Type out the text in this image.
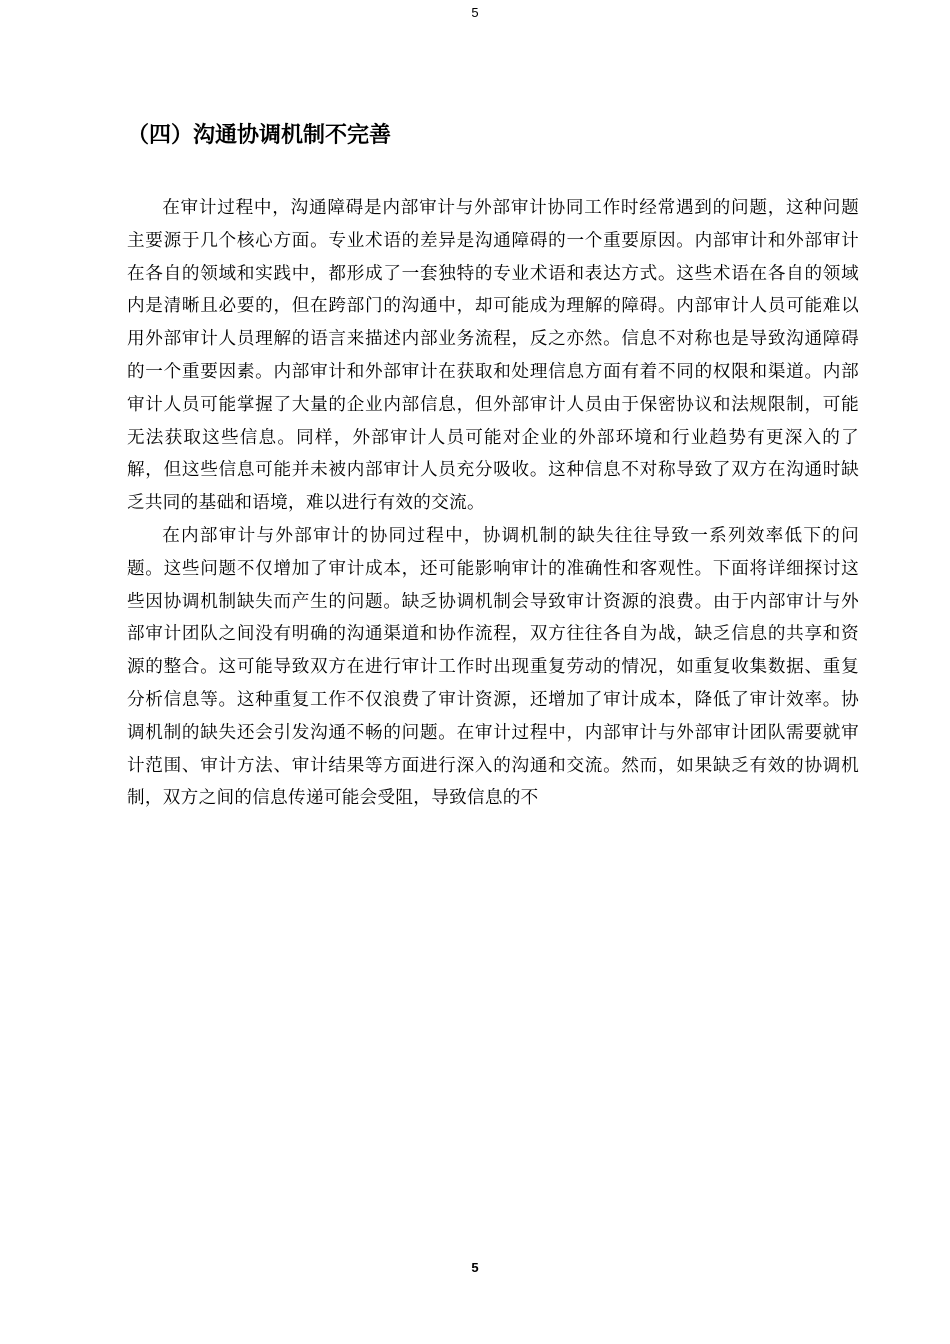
5
（四）沟通协调机制不完善

在审计过程中，沟通障碍是内部审计与外部审计协同工作时经常遇到的问题，这种问题主要源于几个核心方面。专业术语的差异是沟通障碍的一个重要原因。内部审计和外部审计在各自的领域和实践中，都形成了一套独特的专业术语和表达方式。这些术语在各自的领域内是清晰且必要的，但在跨部门的沟通中，却可能成为理解的障碍。内部审计人员可能难以用外部审计人员理解的语言来描述内部业务流程，反之亦然。信息不对称也是导致沟通障碍的一个重要因素。内部审计和外部审计在获取和处理信息方面有着不同的权限和渠道。内部审计人员可能掌握了大量的企业内部信息，但外部审计人员由于保密协议和法规限制，可能无法获取这些信息。同样，外部审计人员可能对企业的外部环境和行业趋势有更深入的了解，但这些信息可能并未被内部审计人员充分吸收。这种信息不对称导致了双方在沟通时缺乏共同的基础和语境，难以进行有效的交流。

在内部审计与外部审计的协同过程中，协调机制的缺失往往导致一系列效率低下的问题。这些问题不仅增加了审计成本，还可能影响审计的准确性和客观性。下面将详细探讨这些因协调机制缺失而产生的问题。缺乏协调机制会导致审计资源的浪费。由于内部审计与外部审计团队之间没有明确的沟通渠道和协作流程，双方往往各自为战，缺乏信息的共享和资源的整合。这可能导致双方在进行审计工作时出现重复劳动的情况，如重复收集数据、重复分析信息等。这种重复工作不仅浪费了审计资源，还增加了审计成本，降低了审计效率。协调机制的缺失还会引发沟通不畅的问题。在审计过程中，内部审计与外部审计团队需要就审计范围、审计方法、审计结果等方面进行深入的沟通和交流。然而，如果缺乏有效的协调机制，双方之间的信息传递可能会受阻，导致信息的不

5
